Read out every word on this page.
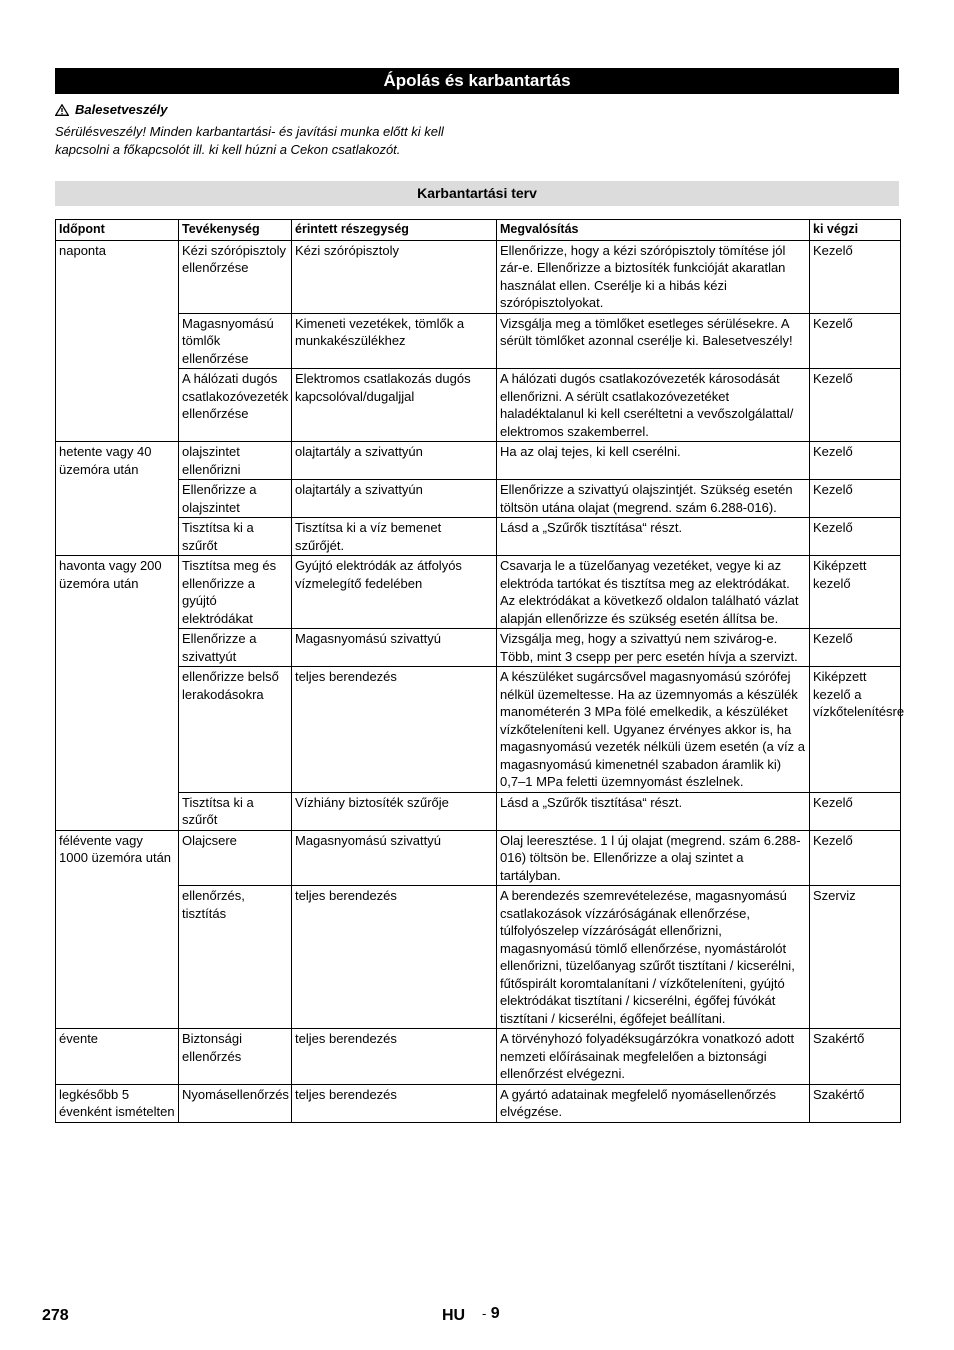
Ápolás és karbantartás
Balesetveszély
Sérülésveszély! Minden karbantartási- és javítási munka előtt ki kell kapcsolni a főkapcsolót ill. ki kell húzni a Cekon csatlakozót.
Karbantartási terv
Időpont	Tevékenység	érintett részegység	Megvalósítás	ki végzi
naponta	Kézi szórópisztoly ellenőrzése	Kézi szórópisztoly	Ellenőrizze, hogy a kézi szórópisztoly tömítése jól zár-e. Ellenőrizze a biztosíték funkcióját akaratlan használat ellen. Cserélje ki a hibás kézi szórópisztolyokat.	Kezelő
	Magasnyomású tömlők ellenőrzése	Kimeneti vezetékek, tömlők a munkakészülékhez	Vizsgálja meg a tömlőket esetleges sérülésekre. A sérült tömlőket azonnal cserélje ki. Balesetveszély!	Kezelő
	A hálózati dugós csatlakozóvezeték ellenőrzése	Elektromos csatlakozás dugós kapcsolóval/dugaljjal	A hálózati dugós csatlakozóvezeték károsodását ellenőrizni. A sérült csatlakozóvezetéket haladéktalanul ki kell cseréltetni a vevőszolgálattal/ elektromos szakemberrel.	Kezelő
hetente vagy 40 üzemóra után	olajszintet ellenőrizni	olajtartály a szivattyún	Ha az olaj tejes, ki kell cserélni.	Kezelő
	Ellenőrizze a olajszintet	olajtartály a szivattyún	Ellenőrizze a szivattyú olajszintjét. Szükség esetén töltsön utána olajat (megrend. szám 6.288-016).	Kezelő
	Tisztítsa ki a szűrőt	Tisztítsa ki a víz bemenet szűrőjét.	Lásd a „Szűrők tisztítása“ részt.	Kezelő
havonta vagy 200 üzemóra után	Tisztítsa meg és ellenőrizze a gyújtó elektródákat	Gyújtó elektródák az átfolyós vízmelegítő fedelében	Csavarja le a tüzelőanyag vezetéket, vegye ki az elektróda tartókat és tisztítsa meg az elektródákat. Az elektródákat a következő oldalon található vázlat alapján ellenőrizze és szükség esetén állítsa be.	Kiképzett kezelő
	Ellenőrizze a szivattyút	Magasnyomású szivattyú	Vizsgálja meg, hogy a szivattyú nem szivárog-e. Több, mint 3 csepp per perc esetén hívja a szervizt.	Kezelő
	ellenőrizze belső lerakodásokra	teljes berendezés	A készüléket sugárcsővel magasnyomású szórófej nélkül üzemeltesse. Ha az üzemnyomás a készülék manométerén 3 MPa fölé emelkedik, a készüléket vízkőteleníteni kell. Ugyanez érvényes akkor is, ha magasnyomású vezeték nélküli üzem esetén (a víz a magasnyomású kimenetnél szabadon áramlik ki) 0,7–1 MPa feletti üzemnyomást észlelnek.	Kiképzett kezelő a vízkőtelenítésre
	Tisztítsa ki a szűrőt	Vízhiány biztosíték szűrője	Lásd a „Szűrők tisztítása“ részt.	Kezelő
félévente vagy 1000 üzemóra után	Olajcsere	Magasnyomású szivattyú	Olaj leeresztése. 1 l új olajat (megrend. szám 6.288-016) töltsön be. Ellenőrizze a olaj szintet a tartályban.	Kezelő
	ellenőrzés, tisztítás	teljes berendezés	A berendezés szemrevételezése, magasnyomású csatlakozások vízzáróságának ellenőrzése, túlfolyószelep vízzáróságát ellenőrizni, magasnyomású tömlő ellenőrzése, nyomástárolót ellenőrizni, tüzelőanyag szűrőt tisztítani / kicserélni, fűtőspirált koromtalanítani / vízkőteleníteni, gyújtó elektródákat tisztítani / kicserélni, égőfej fúvókát tisztítani / kicserélni, égőfejet beállítani.	Szerviz
évente	Biztonsági ellenőrzés	teljes berendezés	A törvényhozó folyadéksugárzókra vonatkozó adott nemzeti előírásainak megfelelően a biztonsági ellenőrzést elvégezni.	Szakértő
legkésőbb 5 évenként ismételten	Nyomásellenőrzés	teljes berendezés	A gyártó adatainak megfelelő nyomásellenőrzés elvégzése.	Szakértő
278	HU - 9
